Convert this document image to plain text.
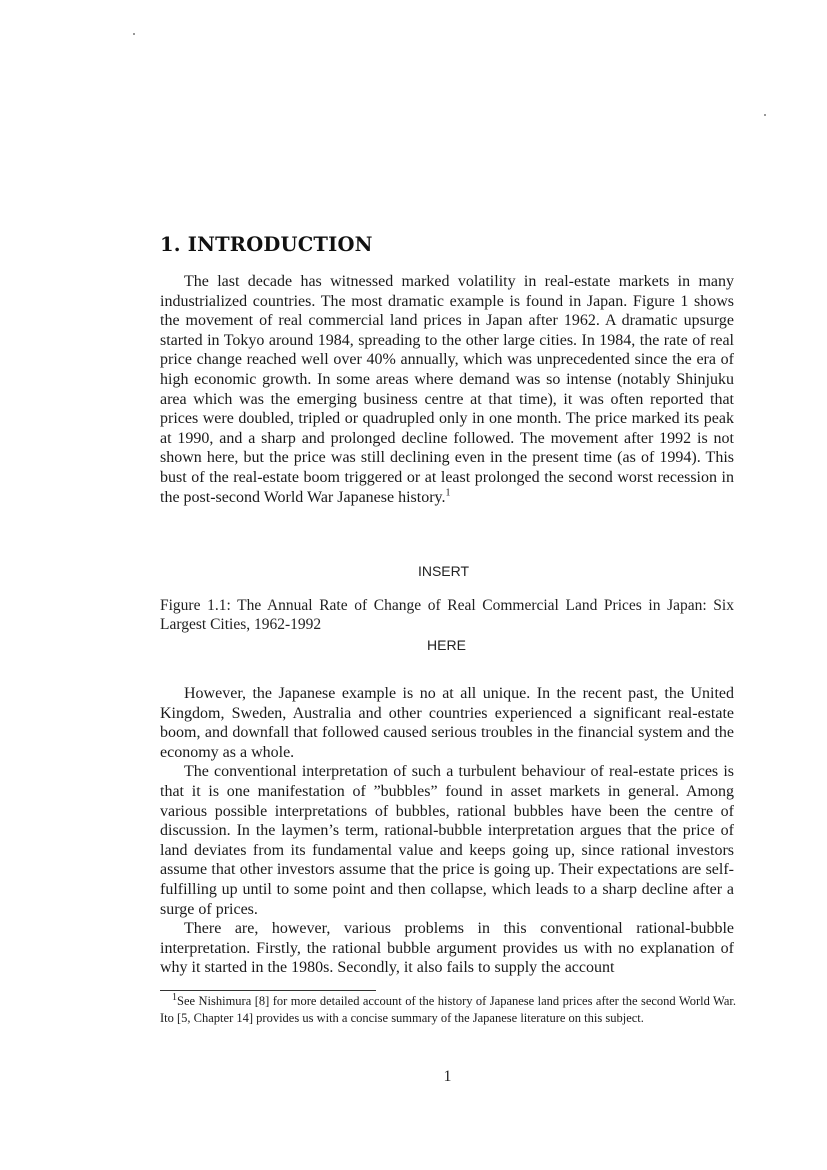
1. INTRODUCTION

The last decade has witnessed marked volatility in real-estate markets in many industrialized countries. The most dramatic example is found in Japan. Figure 1 shows the movement of real commercial land prices in Japan after 1962. A dramatic upsurge started in Tokyo around 1984, spreading to the other large cities. In 1984, the rate of real price change reached well over 40% annually, which was unprecedented since the era of high economic growth. In some areas where demand was so intense (notably Shinjuku area which was the emerging business centre at that time), it was often reported that prices were doubled, tripled or quadrupled only in one month. The price marked its peak at 1990, and a sharp and prolonged decline followed. The movement after 1992 is not shown here, but the price was still declining even in the present time (as of 1994). This bust of the real-estate boom triggered or at least prolonged the second worst recession in the post-second World War Japanese history.$^1$

INSERT

Figure 1.1: The Annual Rate of Change of Real Commercial Land Prices in Japan: Six Largest Cities, 1962-1992

HERE

However, the Japanese example is no at all unique. In the recent past, the United Kingdom, Sweden, Australia and other countries experienced a significant real-estate boom, and downfall that followed caused serious troubles in the financial system and the economy as a whole.

The conventional interpretation of such a turbulent behaviour of real-estate prices is that it is one manifestation of ”bubbles” found in asset markets in general. Among various possible interpretations of bubbles, rational bubbles have been the centre of discussion. In the laymen’s term, rational-bubble interpretation argues that the price of land deviates from its fundamental value and keeps going up, since rational investors assume that other investors assume that the price is going up. Their expectations are self-fulfilling up until to some point and then collapse, which leads to a sharp decline after a surge of prices.

There are, however, various problems in this conventional rational-bubble interpretation. Firstly, the rational bubble argument provides us with no explanation of why it started in the 1980s. Secondly, it also fails to supply the account

$^1$See Nishimura [8] for more detailed account of the history of Japanese land prices after the second World War. Ito [5, Chapter 14] provides us with a concise summary of the Japanese literature on this subject.

1
